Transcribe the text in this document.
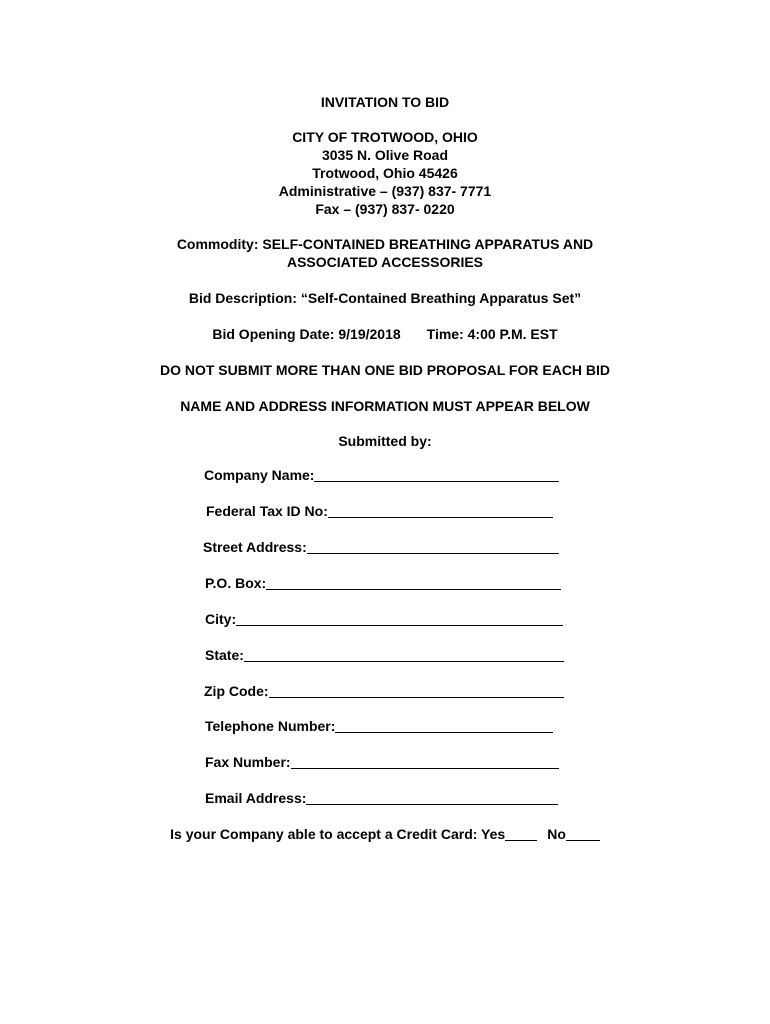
INVITATION TO BID
CITY OF TROTWOOD, OHIO
3035 N. Olive Road
Trotwood, Ohio 45426
Administrative – (937) 837- 7771
Fax – (937) 837- 0220
Commodity: SELF-CONTAINED BREATHING APPARATUS AND
ASSOCIATED ACCESSORIES
Bid Description: “Self-Contained Breathing Apparatus Set”
Bid Opening Date: 9/19/2018 Time: 4:00 P.M. EST
DO NOT SUBMIT MORE THAN ONE BID PROPOSAL FOR EACH BID
NAME AND ADDRESS INFORMATION MUST APPEAR BELOW
Submitted by:
Company Name:
Federal Tax ID No:
Street Address:
P.O. Box:
City:
State:
Zip Code:
Telephone Number:
Fax Number:
Email Address:
Is your Company able to accept a Credit Card: Yes	No
